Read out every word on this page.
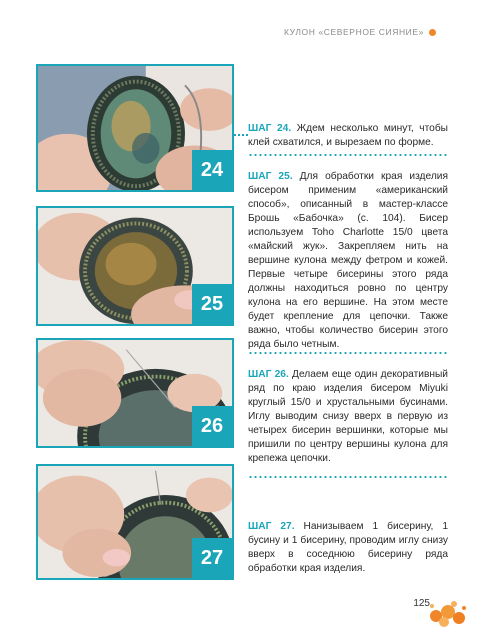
КУЛОН «СЕВЕРНОЕ СИЯНИЕ»
24
25
26
27

ШАГ 24. Ждем несколько минут, чтобы клей схватился, и вырезаем по форме.

ШАГ 25. Для обработки края изделия бисером применим «американский способ», описанный в мастер-классе Брошь «Бабочка» (с. 104). Бисер используем Toho Charlotte 15/0 цвета «майский жук». Закрепляем нить на вершине кулона между фетром и кожей. Первые четыре бисерины этого ряда должны находиться ровно по центру кулона на его вершине. На этом месте будет крепление для цепочки. Также важно, чтобы количество бисерин этого ряда было четным.

ШАГ 26. Делаем еще один декоративный ряд по краю изделия бисером Miyuki круглый 15/0 и хрустальными бусинами. Иглу выводим снизу вверх в первую из четырех бисерин вершинки, которые мы пришили по центру вершины кулона для крепежа цепочки.

ШАГ 27. Нанизываем 1 бисерину, 1 бусину и 1 бисерину, проводим иглу снизу вверх в соседнюю бисерину ряда обработки края изделия.

125
